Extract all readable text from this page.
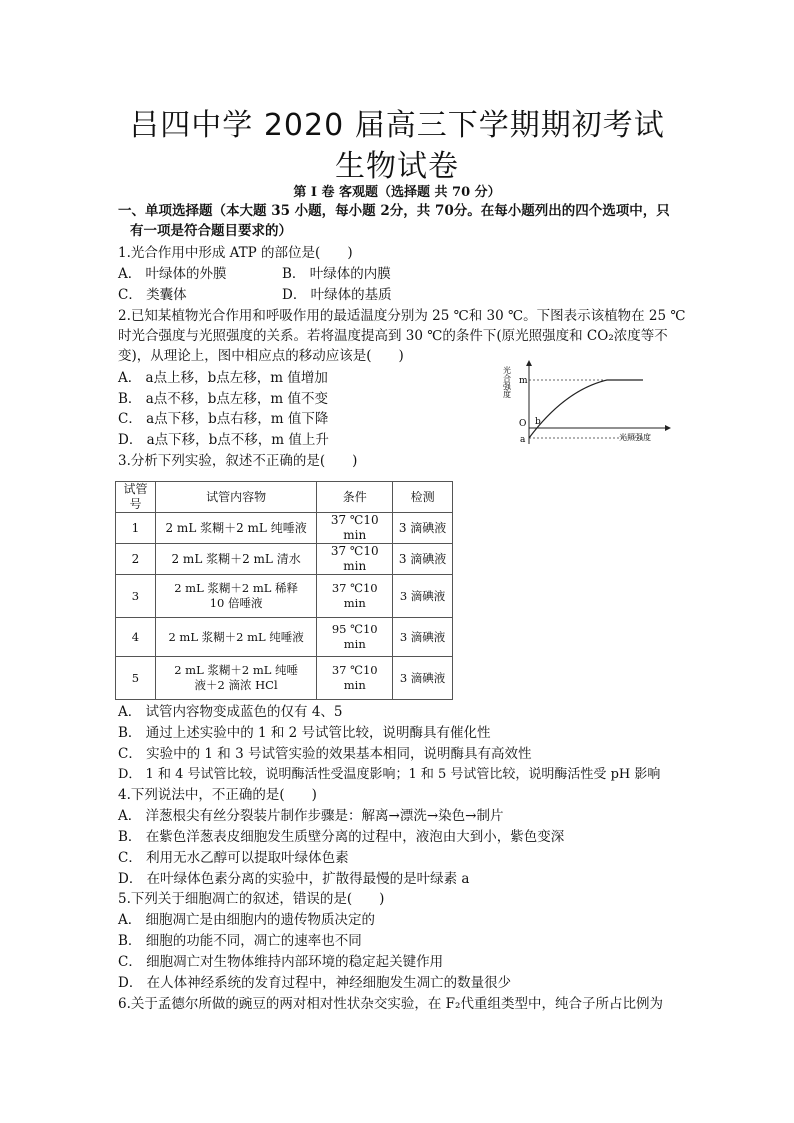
吕四中学 2020 届高三下学期期初考试
生物试卷
第 I 卷 客观题（选择题 共 70 分）
一、单项选择题（本大题 35 小题，每小题 2分，共 70分。在每小题列出的四个选项中，只
有一项是符合题目要求的）
1.光合作用中形成 ATP 的部位是(　　)
A． 叶绿体的外膜	B． 叶绿体的内膜
C． 类囊体	D． 叶绿体的基质
2.已知某植物光合作用和呼吸作用的最适温度分别为 25 ℃和 30 ℃。下图表示该植物在 25 ℃
时光合强度与光照强度的关系。若将温度提高到 30 ℃的条件下(原光照强度和 CO₂浓度等不
变)，从理论上，图中相应点的移动应该是(　　)
A． a点上移，b点左移，m 值增加
B． a点不移，b点左移，m 值不变
C． a点下移，b点右移，m 值下降
D． a点下移，b点不移，m 值上升
光合强度 m
O
a
b
光照强度
3.分析下列实验，叙述不正确的是(　　)
试管号	试管内容物	条件	检测
1	2 mL 浆糊＋2 mL 纯唾液	37 ℃10 min	3 滴碘液
2	2 mL 浆糊＋2 mL 清水	37 ℃10 min	3 滴碘液
3	2 mL 浆糊＋2 mL 稀释
10 倍唾液	37 ℃10 min	3 滴碘液
4	2 mL 浆糊＋2 mL 纯唾液	95 ℃10 min	3 滴碘液
5	2 mL 浆糊＋2 mL 纯唾
液＋2 滴浓 HCl	37 ℃10 min	3 滴碘液
A． 试管内容物变成蓝色的仅有 4、5
B． 通过上述实验中的 1 和 2 号试管比较，说明酶具有催化性
C． 实验中的 1 和 3 号试管实验的效果基本相同，说明酶具有高效性
D． 1 和 4 号试管比较，说明酶活性受温度影响；1 和 5 号试管比较，说明酶活性受 pH 影响
4.下列说法中，不正确的是(　　)
A． 洋葱根尖有丝分裂装片制作步骤是：解离→漂洗→染色→制片
B． 在紫色洋葱表皮细胞发生质壁分离的过程中，液泡由大到小，紫色变深
C． 利用无水乙醇可以提取叶绿体色素
D． 在叶绿体色素分离的实验中，扩散得最慢的是叶绿素 a
5.下列关于细胞凋亡的叙述，错误的是(　　)
A． 细胞凋亡是由细胞内的遗传物质决定的
B． 细胞的功能不同，凋亡的速率也不同
C． 细胞凋亡对生物体维持内部环境的稳定起关键作用
D． 在人体神经系统的发育过程中，神经细胞发生凋亡的数量很少
6.关于孟德尔所做的豌豆的两对相对性状杂交实验，在 F₂代重组类型中，纯合子所占比例为
